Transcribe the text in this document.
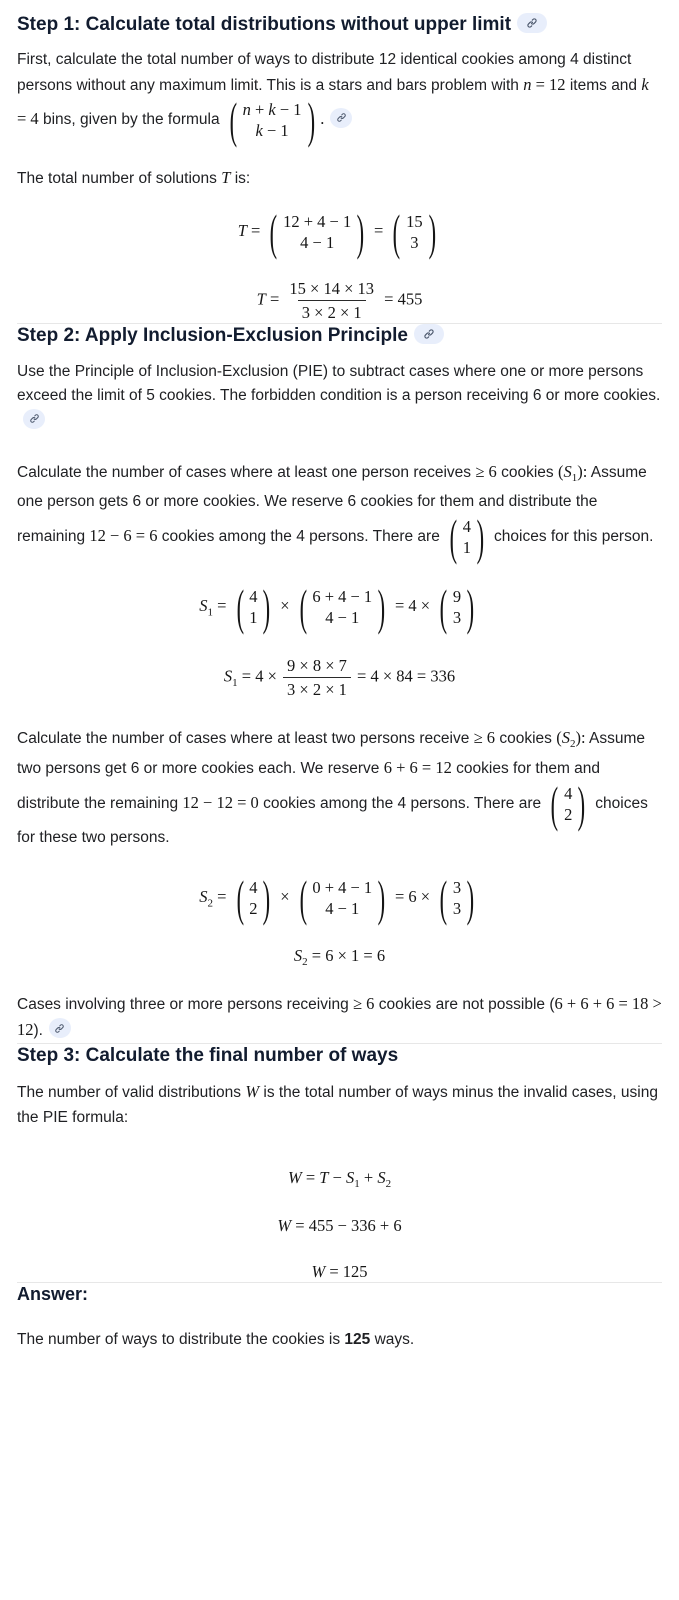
Step 1: Calculate total distributions without upper limit

First, calculate the total number of ways to distribute 12 identical cookies among 4 distinct persons without any maximum limit. This is a stars and bars problem with n = 12 items and k = 4 bins, given by the formula ( n + k − 1
k − 1 ) .

The total number of solutions T is:

T = ( 12 + 4 − 1
4 − 1 ) = ( 15
3 )
$T = \frac{15 \times 14 \times 13}{3 \times 2 \times 1} = 455$
Step 2: Apply Inclusion-Exclusion Principle

Use the Principle of Inclusion-Exclusion (PIE) to subtract cases where one or more persons exceed the limit of 5 cookies. The forbidden condition is a person receiving 6 or more cookies.

Calculate the number of cases where at least one person receives ≥ 6 cookies $(S_1)$: Assume one person gets 6 or more cookies. We reserve 6 cookies for them and distribute the remaining 12 − 6 = 6 cookies among the 4 persons. There are ( 4
1 ) choices for this person.

$S_1$ = ( 4
1 ) × ( 6 + 4 − 1
4 − 1 ) = 4 × ( 9
3 )
$S_1 = 4 \times \frac{9 \times 8 \times 7}{3 \times 2 \times 1} = 4 \times 84 = 336$

Calculate the number of cases where at least two persons receive ≥ 6 cookies $(S_2)$: Assume two persons get 6 or more cookies each. We reserve 6 + 6 = 12 cookies for them and distribute the remaining 12 − 12 = 0 cookies among the 4 persons. There are ( 4
2 ) choices for these two persons.

$S_2$ = ( 4
2 ) × ( 0 + 4 − 1
4 − 1 ) = 6 × ( 3
3 )
$S_2 = 6 \times 1 = 6$

Cases involving three or more persons receiving ≥ 6 cookies are not possible (6 + 6 + 6 = 18 > 12).

Step 3: Calculate the final number of ways

The number of valid distributions W is the total number of ways minus the invalid cases, using the PIE formula:

$W = T - S_1 + S_2$
W = 455 − 336 + 6
W = 125
Answer:

The number of ways to distribute the cookies is 125 ways.
